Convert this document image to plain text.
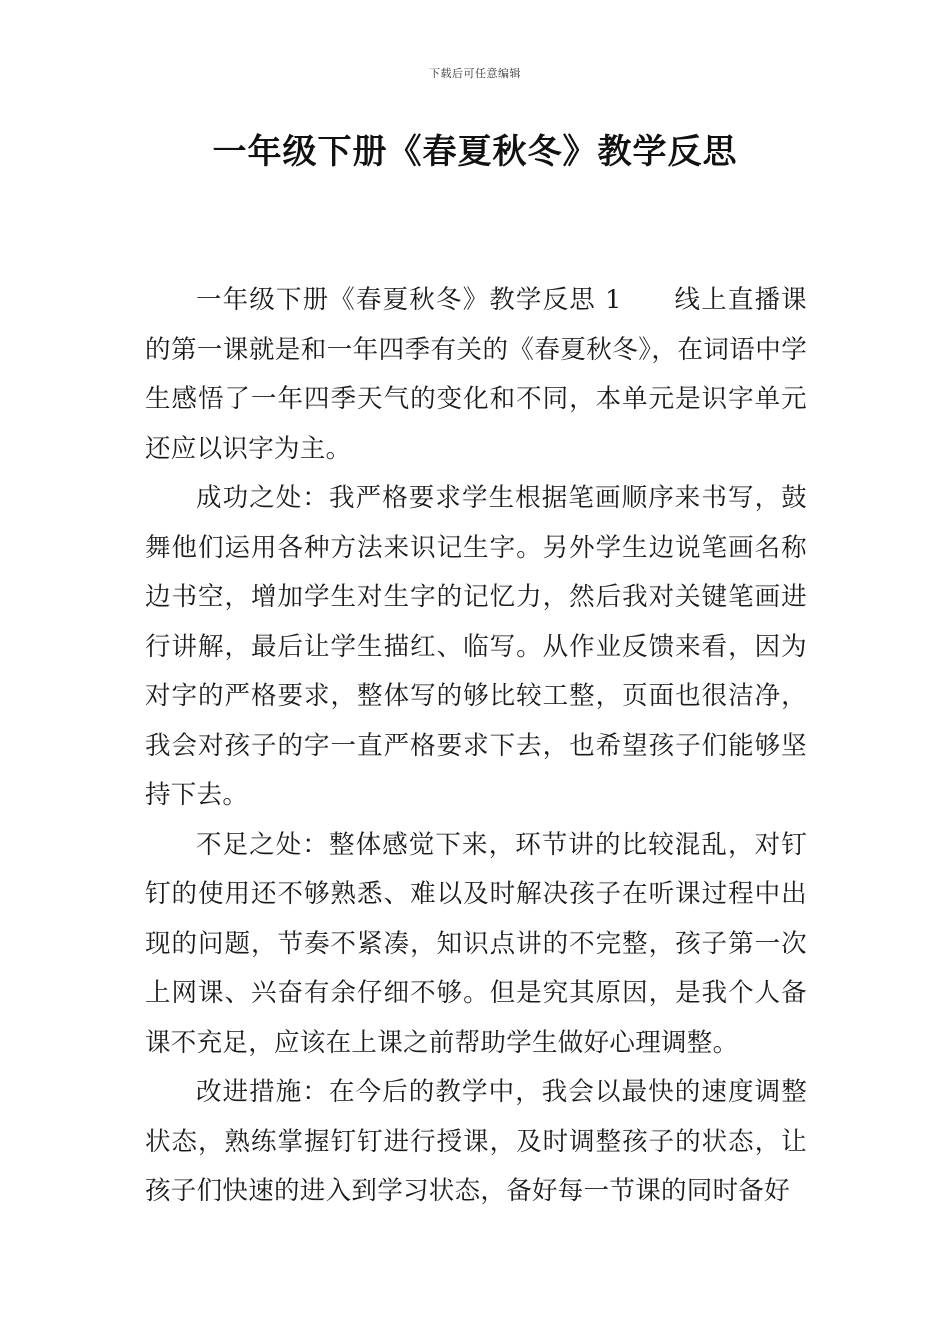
下载后可任意编辑
一年级下册《春夏秋冬》教学反思

一年级下册《春夏秋冬》教学反思 1 线上直播课的第一课就是和一年四季有关的《春夏秋冬》，在词语中学生感悟了一年四季天气的变化和不同，本单元是识字单元还应以识字为主。

成功之处：我严格要求学生根据笔画顺序来书写，鼓舞他们运用各种方法来识记生字。另外学生边说笔画名称边书空，增加学生对生字的记忆力，然后我对关键笔画进行讲解，最后让学生描红、临写。从作业反馈来看，因为对字的严格要求，整体写的够比较工整，页面也很洁净，我会对孩子的字一直严格要求下去，也希望孩子们能够坚持下去。

不足之处：整体感觉下来，环节讲的比较混乱，对钉钉的使用还不够熟悉、难以及时解决孩子在听课过程中出现的问题，节奏不紧凑，知识点讲的不完整，孩子第一次上网课、兴奋有余仔细不够。但是究其原因，是我个人备课不充足，应该在上课之前帮助学生做好心理调整。

改进措施：在今后的教学中，我会以最快的速度调整状态，熟练掌握钉钉进行授课，及时调整孩子的状态，让孩子们快速的进入到学习状态，备好每一节课的同时备好
